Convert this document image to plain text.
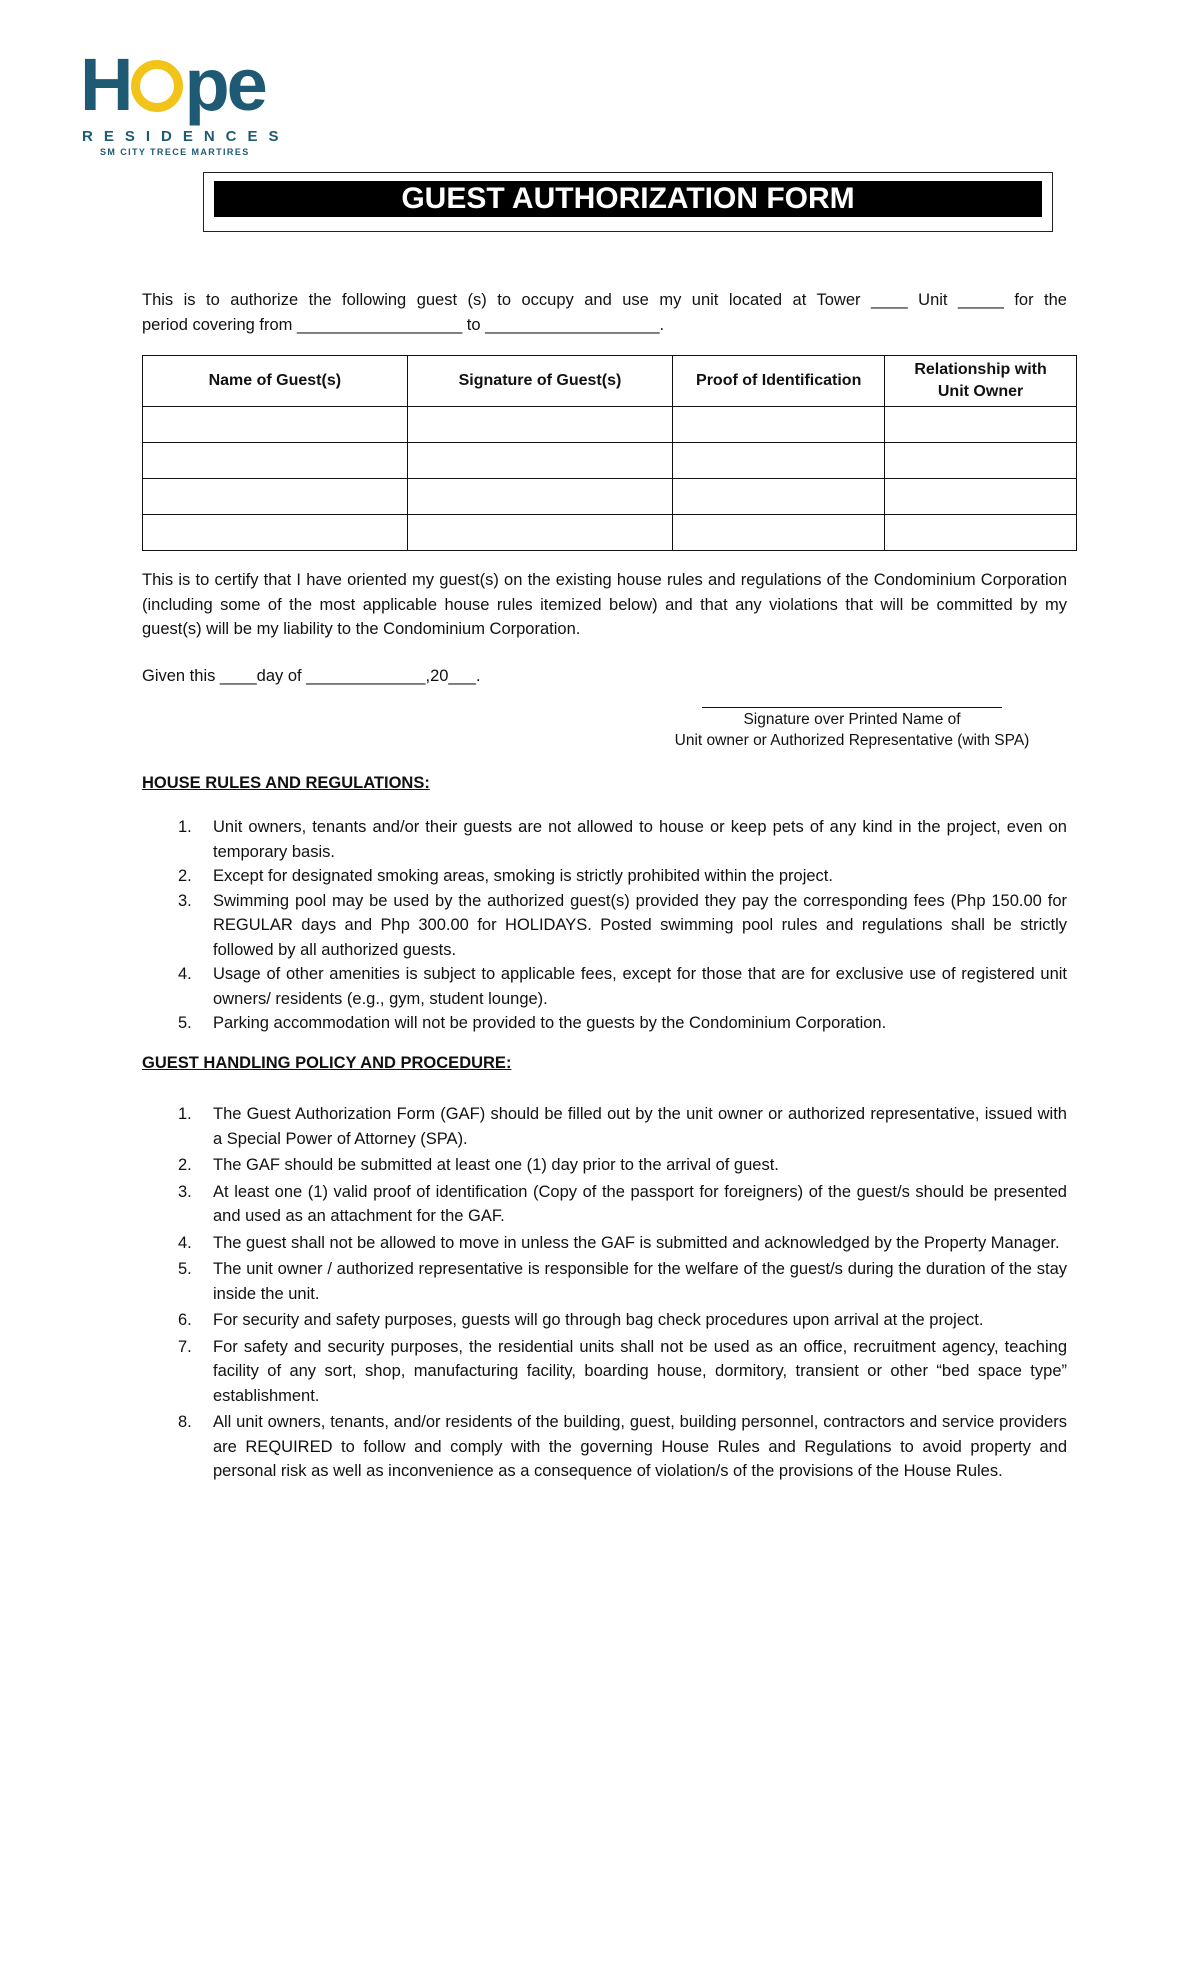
H pe
RESIDENCES
SM CITY TRECE MARTIRES
GUEST AUTHORIZATION FORM
This is to authorize the following guest (s) to occupy and use my unit located at Tower ____ Unit _____ for the
period covering from __________________ to ___________________.
Name of Guest(s)	Signature of Guest(s)	Proof of Identification	Relationship with Unit Owner

This is to certify that I have oriented my guest(s) on the existing house rules and regulations of the Condominium Corporation (including some of the most applicable house rules itemized below) and that any violations that will be committed by my guest(s) will be my liability to the Condominium Corporation.
Given this ____day of _____________,20___.
Signature over Printed Name of
Unit owner or Authorized Representative (with SPA)
HOUSE RULES AND REGULATIONS:
1. Unit owners, tenants and/or their guests are not allowed to house or keep pets of any kind in the project, even on temporary basis.
2. Except for designated smoking areas, smoking is strictly prohibited within the project.
3. Swimming pool may be used by the authorized guest(s) provided they pay the corresponding fees (Php 150.00 for REGULAR days and Php 300.00 for HOLIDAYS. Posted swimming pool rules and regulations shall be strictly followed by all authorized guests.
4. Usage of other amenities is subject to applicable fees, except for those that are for exclusive use of registered unit owners/ residents (e.g., gym, student lounge).
5. Parking accommodation will not be provided to the guests by the Condominium Corporation.
GUEST HANDLING POLICY AND PROCEDURE:
1. The Guest Authorization Form (GAF) should be filled out by the unit owner or authorized representative, issued with a Special Power of Attorney (SPA).
2. The GAF should be submitted at least one (1) day prior to the arrival of guest.
3. At least one (1) valid proof of identification (Copy of the passport for foreigners) of the guest/s should be presented and used as an attachment for the GAF.
4. The guest shall not be allowed to move in unless the GAF is submitted and acknowledged by the Property Manager.
5. The unit owner / authorized representative is responsible for the welfare of the guest/s during the duration of the stay inside the unit.
6. For security and safety purposes, guests will go through bag check procedures upon arrival at the project.
7. For safety and security purposes, the residential units shall not be used as an office, recruitment agency, teaching facility of any sort, shop, manufacturing facility, boarding house, dormitory, transient or other “bed space type” establishment.
8. All unit owners, tenants, and/or residents of the building, guest, building personnel, contractors and service providers are REQUIRED to follow and comply with the governing House Rules and Regulations to avoid property and personal risk as well as inconvenience as a consequence of violation/s of the provisions of the House Rules.
